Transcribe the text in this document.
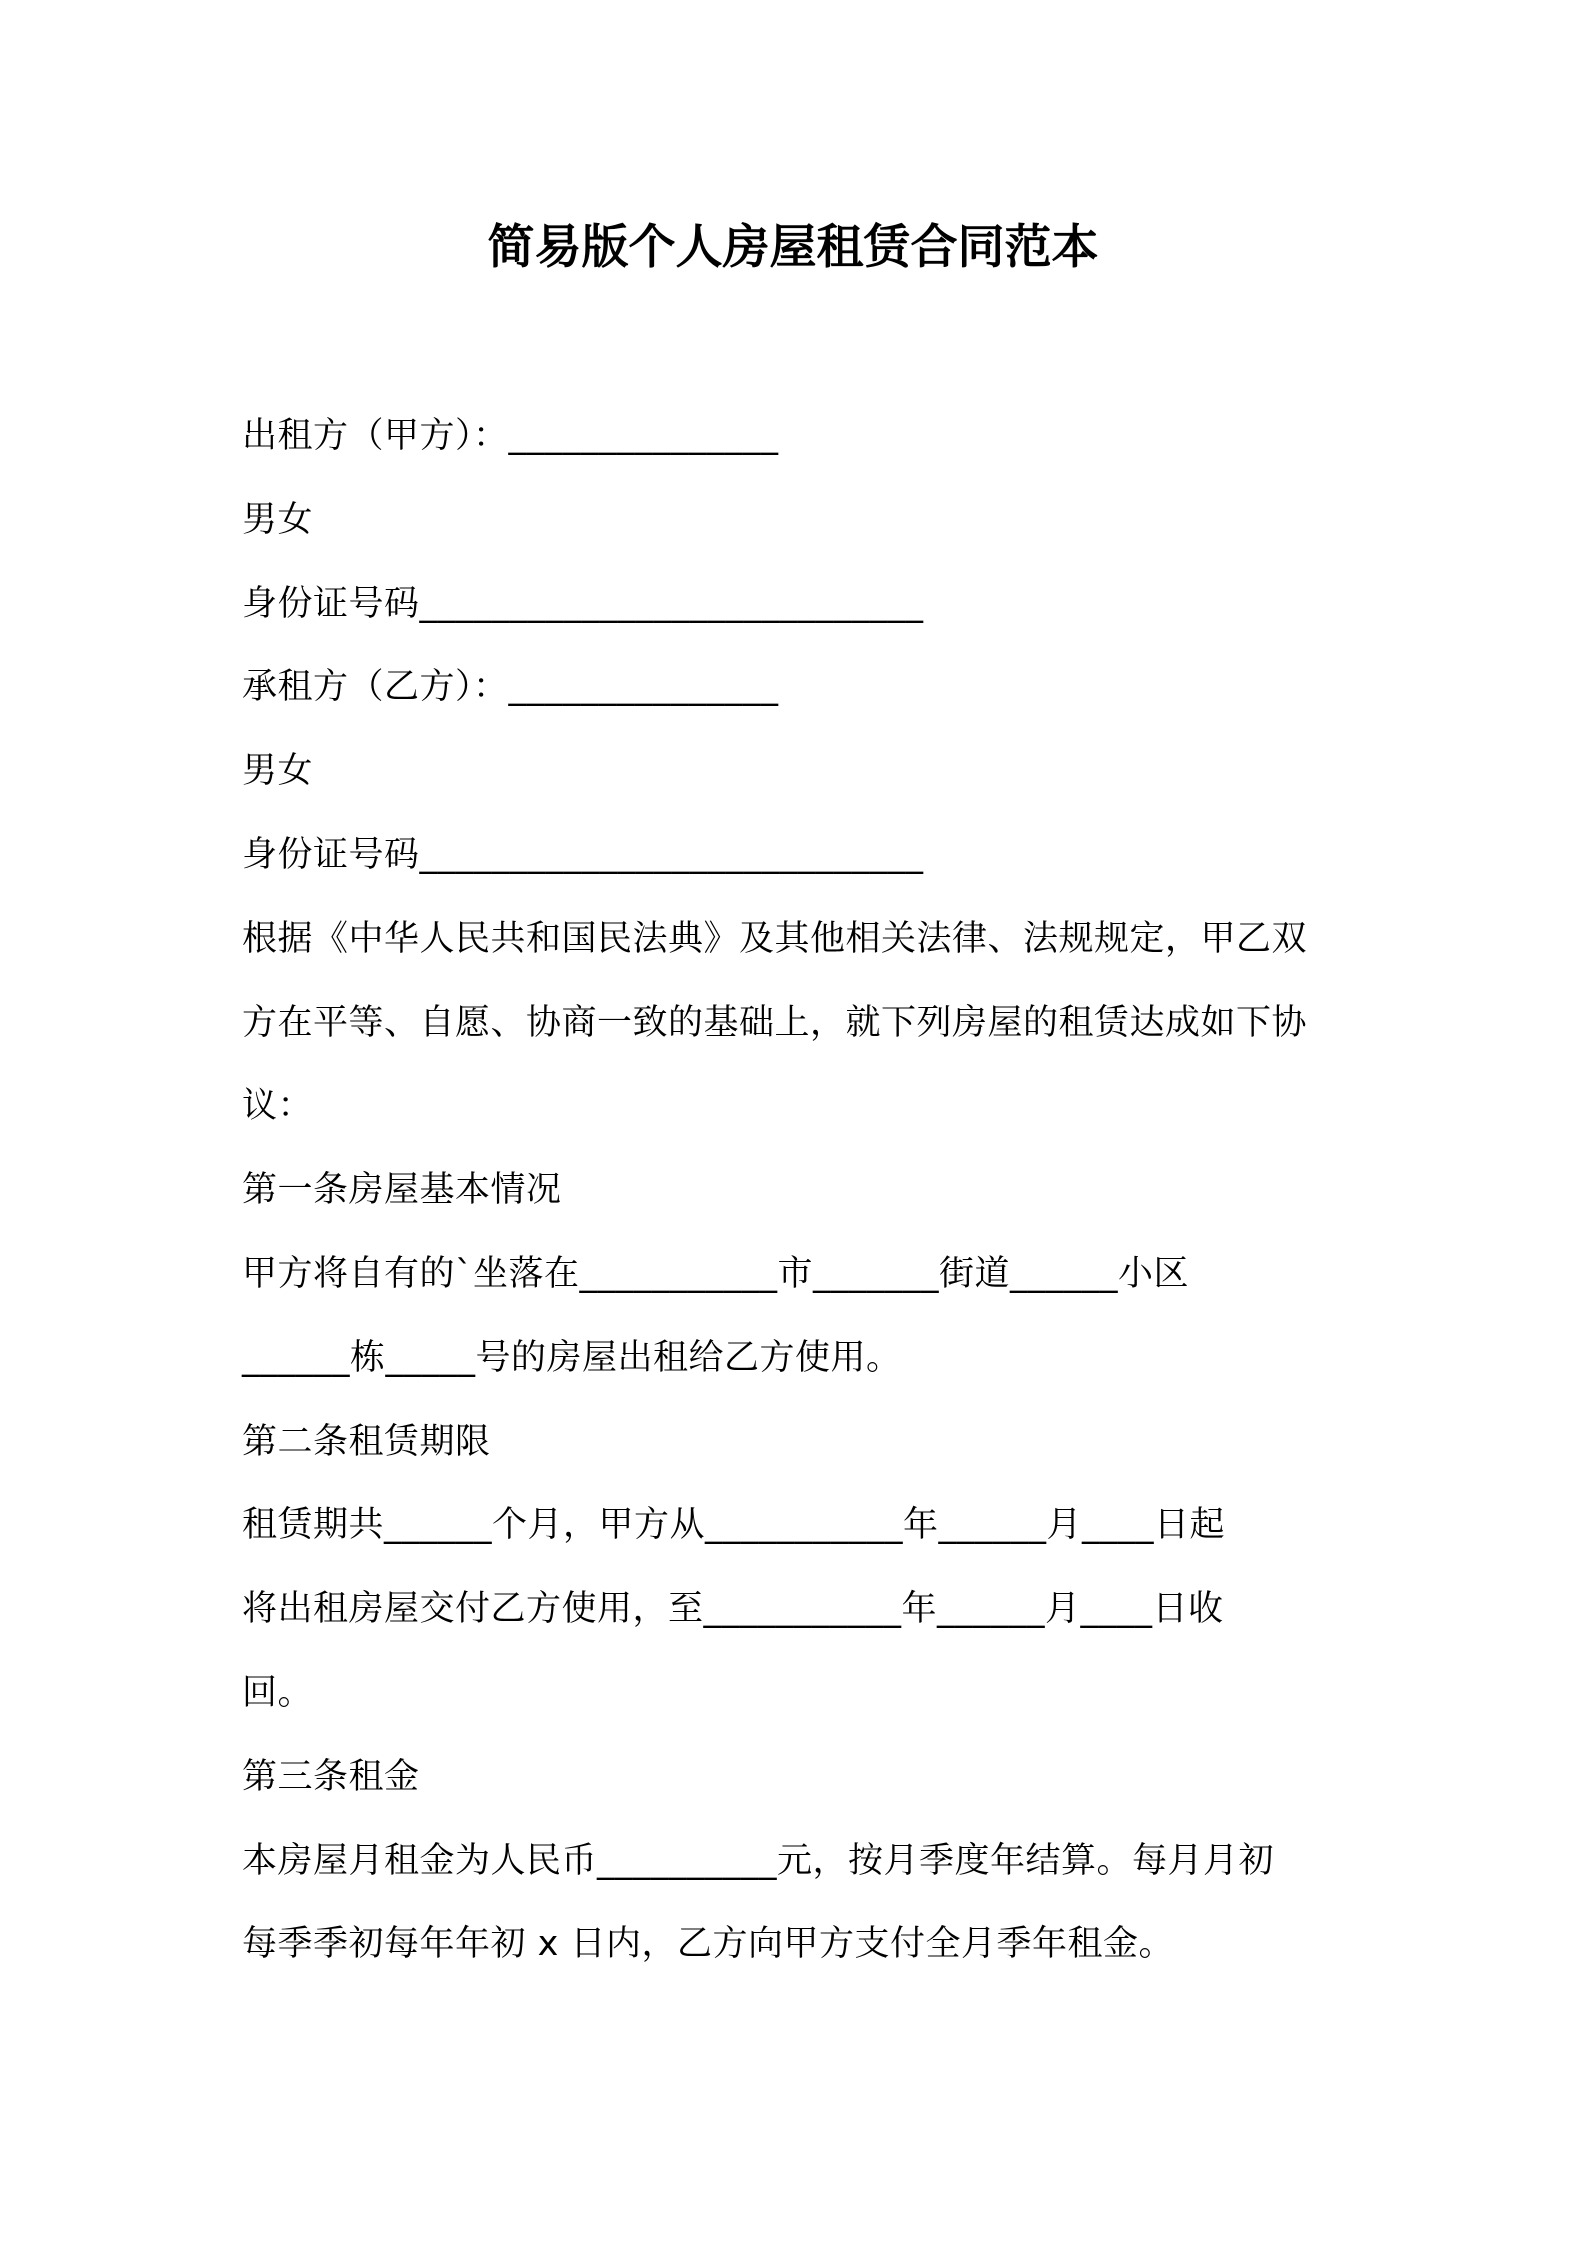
简易版个人房屋租赁合同范本
出租方（甲方）：_______________
男女
身份证号码____________________________
承租方（乙方）：_______________
男女
身份证号码____________________________
根据《中华人民共和国民法典》及其他相关法律、法规规定，甲乙双
方在平等、自愿、协商一致的基础上，就下列房屋的租赁达成如下协
议：
第一条房屋基本情况
甲方将自有的`坐落在___________市_______街道______小区
______栋_____号的房屋出租给乙方使用。
第二条租赁期限
租赁期共______个月，甲方从___________年______月____日起
将出租房屋交付乙方使用，至___________年______月____日收
回。
第三条租金
本房屋月租金为人民币__________元，按月季度年结算。每月月初
每季季初每年年初 x 日内，乙方向甲方支付全月季年租金。
